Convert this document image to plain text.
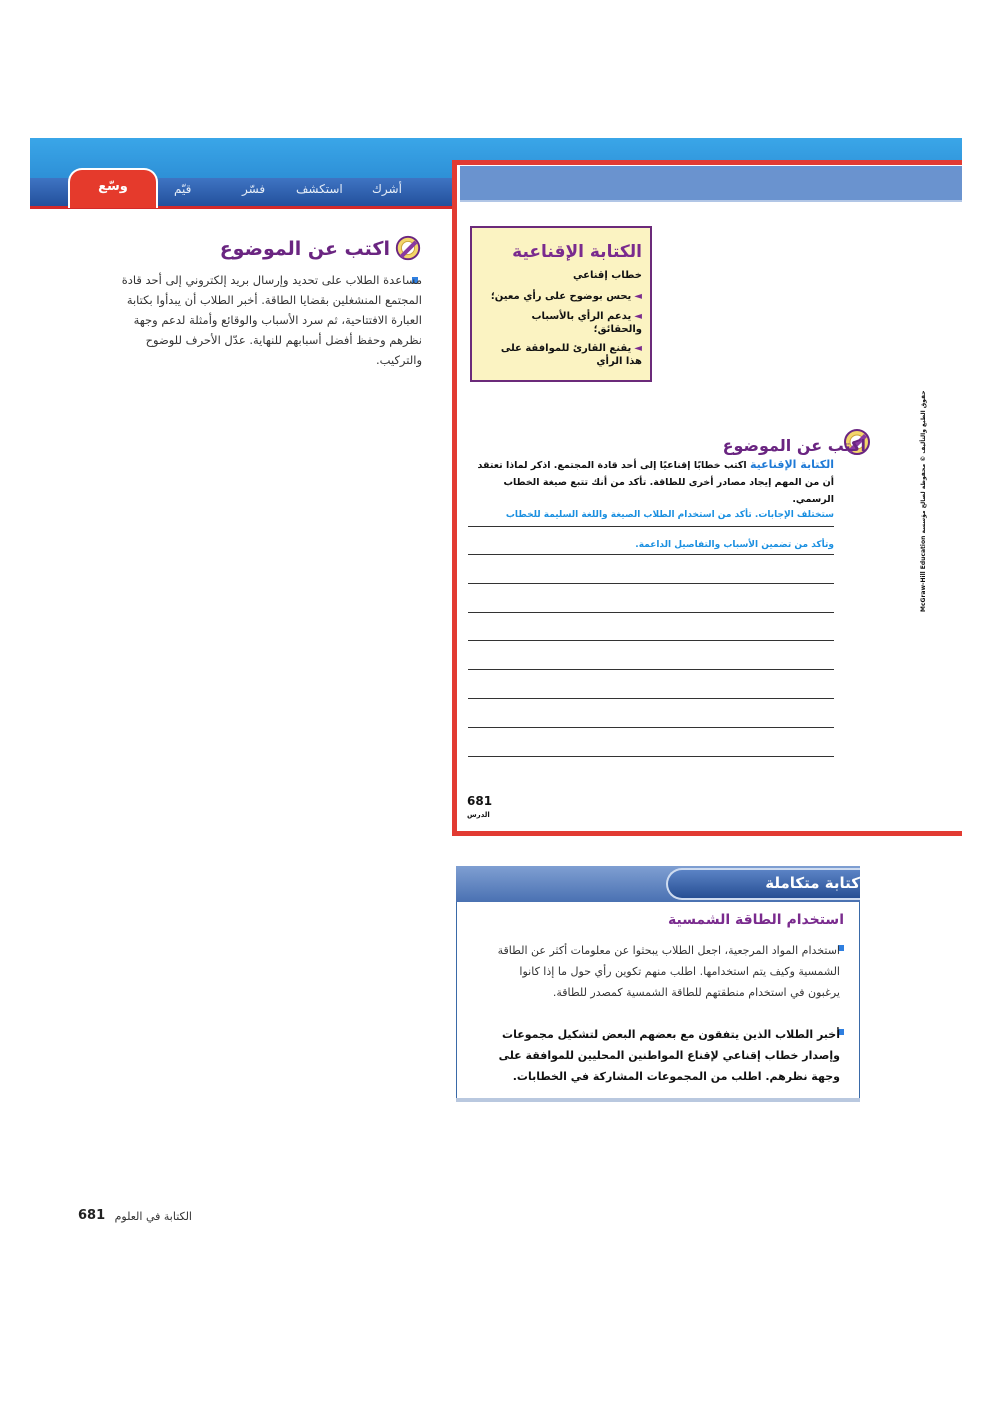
أشرك
استكشف
فسّر
قيّم
وسّع
الكتابة الإقناعية
خطاب إقناعي
◄يحس بوضوح على رأي معين؛
◄يدعم الرأي بالأسباب والحقائق؛
◄يقنع القارئ للموافقة على هذا الرأي
اكتب عن الموضوع
الكتابة الإقناعية اكتب خطابًا إقناعيًا إلى أحد قادة المجتمع. اذكر لماذا تعتقد أن من المهم إيجاد مصادر أخرى للطاقة. تأكد من أنك تتبع صيغة الخطاب الرسمي.
ستختلف الإجابات. تأكد من استخدام الطلاب الصيغة واللغة السليمة للخطاب
وتأكد من تضمين الأسباب والتفاصيل الداعمة.
681
الدرس
حقوق الطبع والتأليف © محفوظة لصالح مؤسسة McGraw-Hill Education
اكتب عن الموضوع
مساعدة الطلاب على تحديد وإرسال بريد إلكتروني إلى أحد قادة المجتمع المنشغلين بقضايا الطاقة. أخبر الطلاب أن يبدأوا بكتابة العبارة الافتتاحية، ثم سرد الأسباب والوقائع وأمثلة لدعم وجهة نظرهم وحفظ أفضل أسبابهم للنهاية. عدّل الأحرف للوضوح والتركيب.
كتابة متكاملة
استخدام الطاقة الشمسية
استخدام المواد المرجعية، اجعل الطلاب يبحثوا عن معلومات أكثر عن الطاقة الشمسية وكيف يتم استخدامها. اطلب منهم تكوين رأي حول ما إذا كانوا يرغبون في استخدام منطقتهم للطاقة الشمسية كمصدر للطاقة.
أخبر الطلاب الذين يتفقون مع بعضهم البعض لتشكيل مجموعات وإصدار خطاب إقناعي لإقناع المواطنين المحليين للموافقة على وجهة نظرهم. اطلب من المجموعات المشاركة في الخطابات.
الكتابة في العلوم
681
